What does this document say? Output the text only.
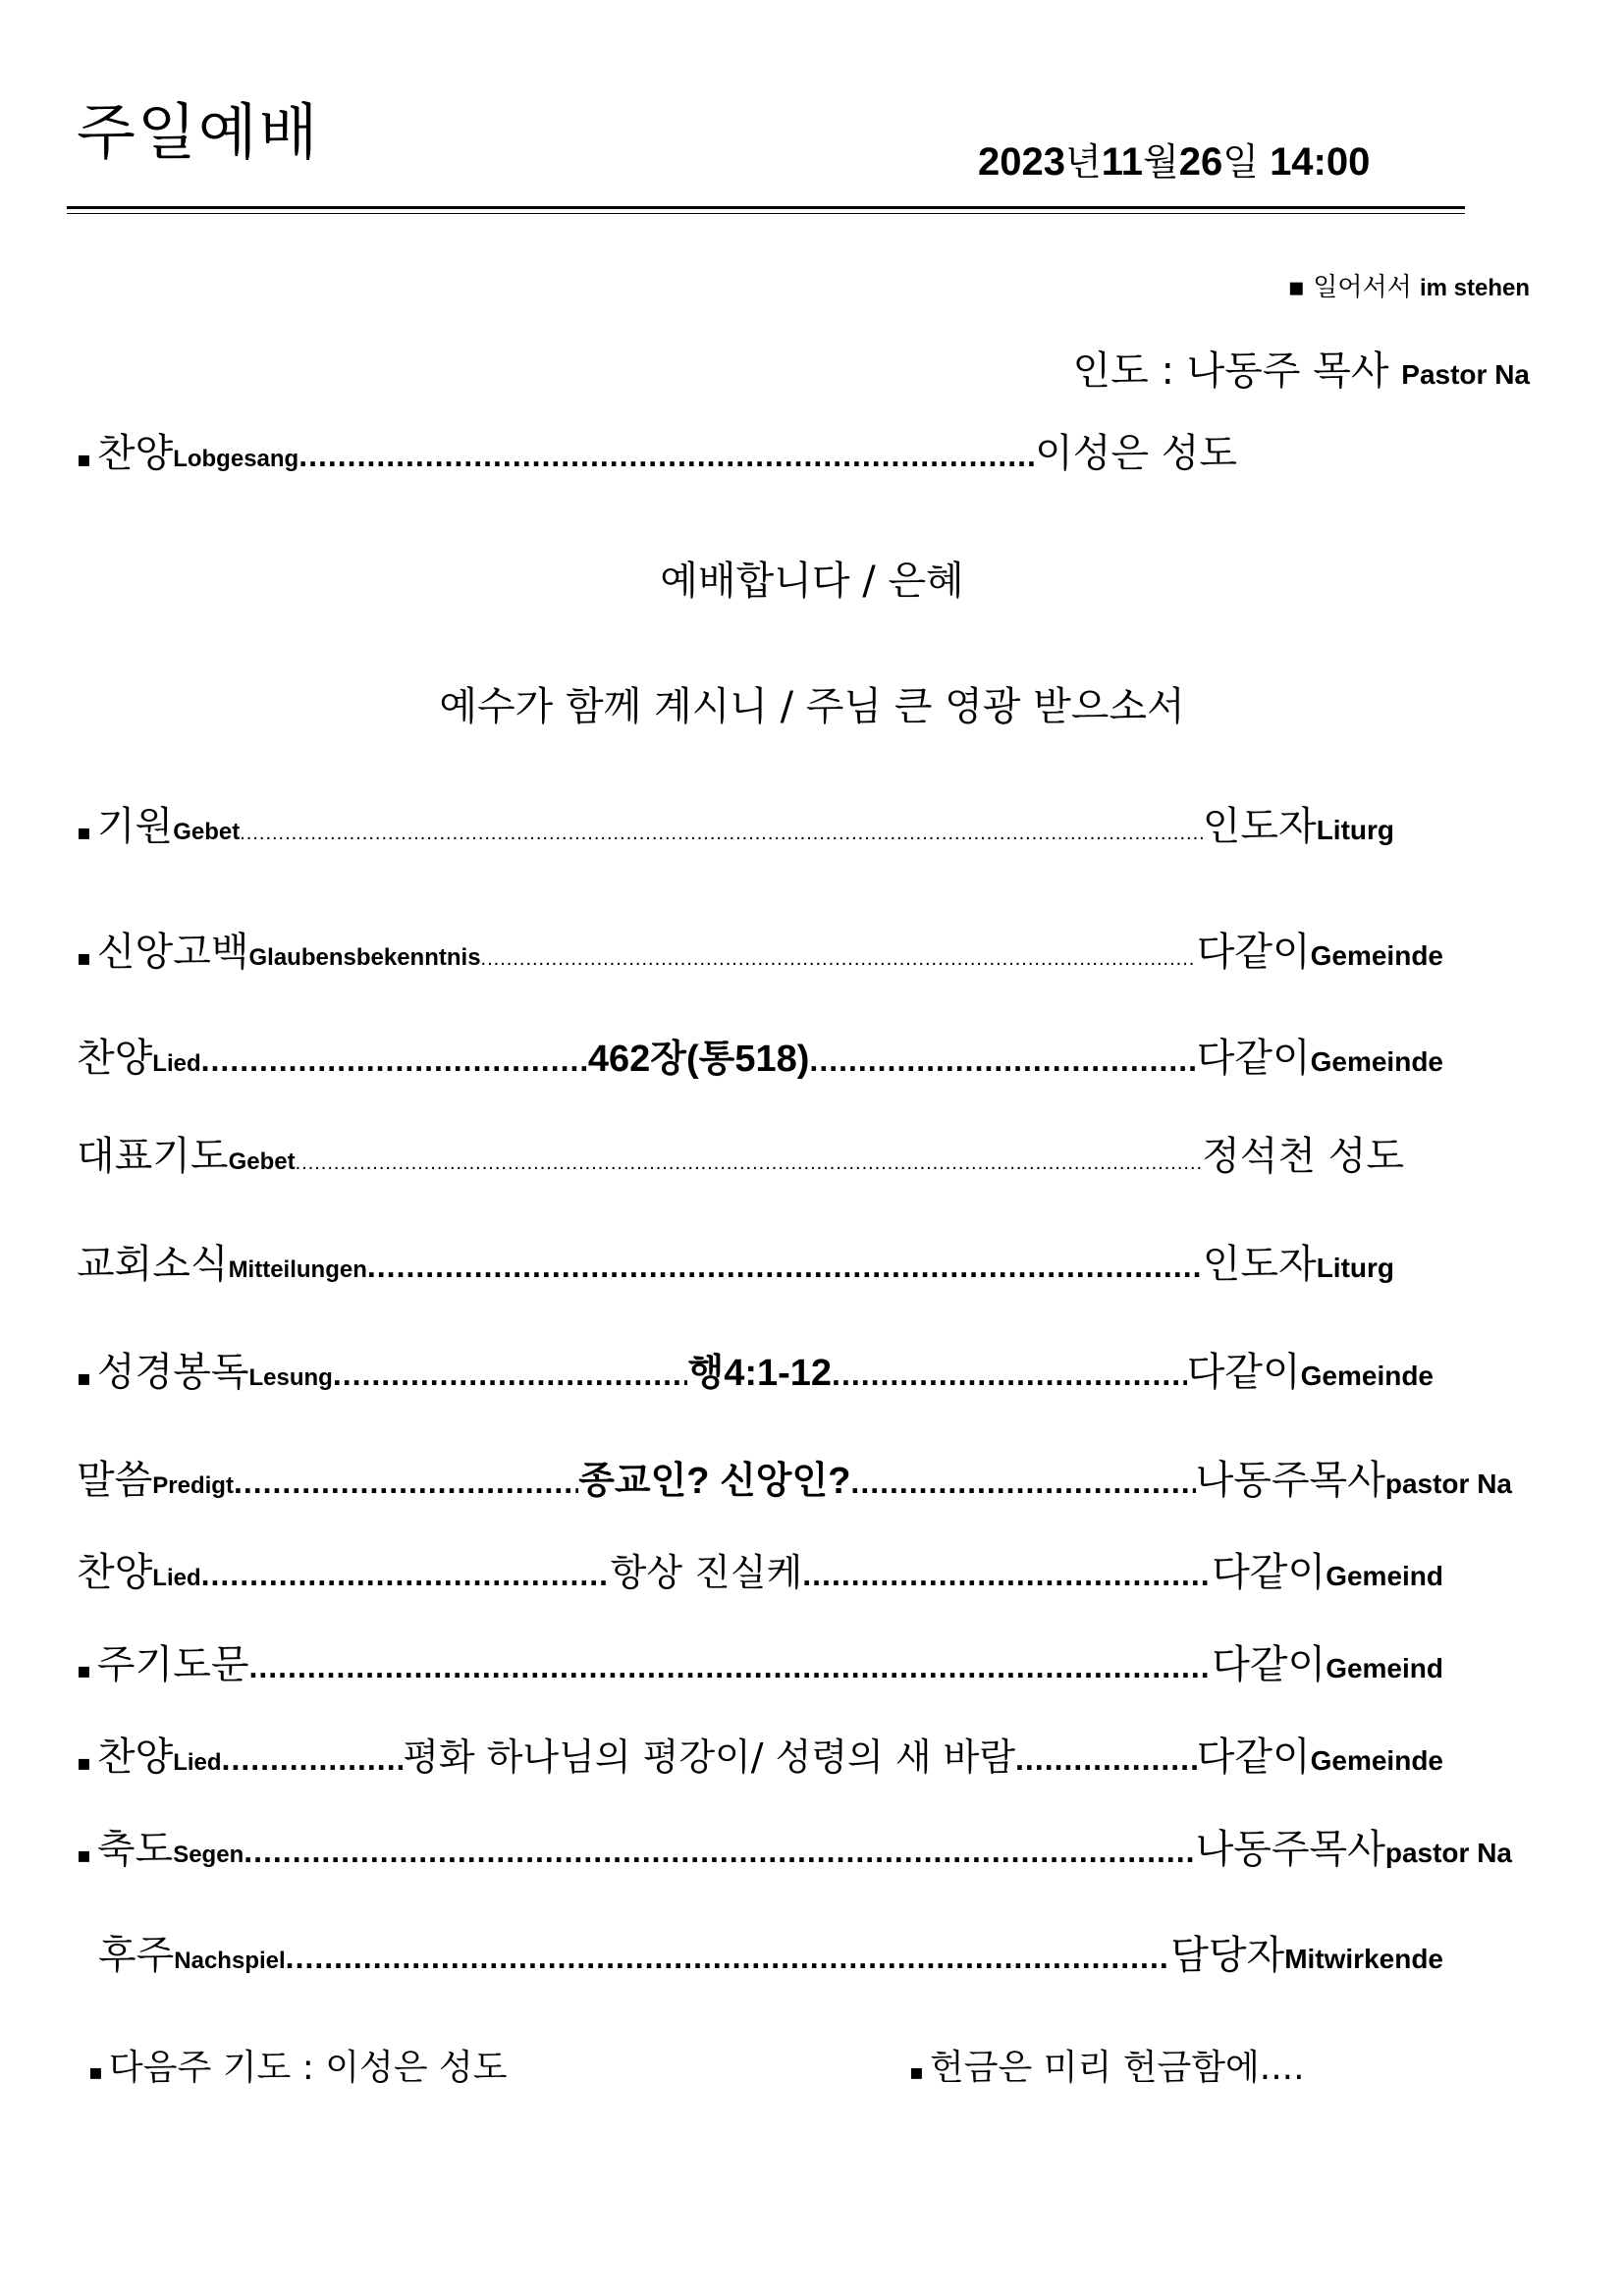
주일예배	2023년11월26일 14:00
▪ 일어서서 im stehen
인도 : 나동주 목사 Pastor Na
▪ 찬양 Lobgesang .....	이성은 성도
▪ 기원 Gebet .....	인도자 Liturg
▪ 신앙고백 Glaubensbekenntnis .....	다같이 Gemeinde
찬양 Lied .....	462장(통518) .....	다같이 Gemeinde
대표기도 Gebet .....	정석천 성도
교회소식 Mitteilungen .....	인도자 Liturg
▪ 성경봉독 Lesung .....	행4:1-12 .....	다같이 Gemeinde
말씀 Predigt .....	종교인? 신앙인? .....	나동주목사 pastor Na
찬양 Lied .....	항상 진실케 .....	다같이 Gemeind
▪ 주기도문 .....	다같이 Gemeind
▪ 찬양 Lied .....	평화 하나님의 평강이/ 성령의 새 바람 .....	다같이 Gemeinde
▪ 축도 Segen .....	나동주목사 pastor Na
후주 Nachspiel .....	담당자 Mitwirkende
예배합니다 / 은혜
예수가 함께 계시니 / 주님 큰 영광 받으소서
▪ 다음주 기도 : 이성은 성도	▪ 헌금은 미리 헌금함에....
